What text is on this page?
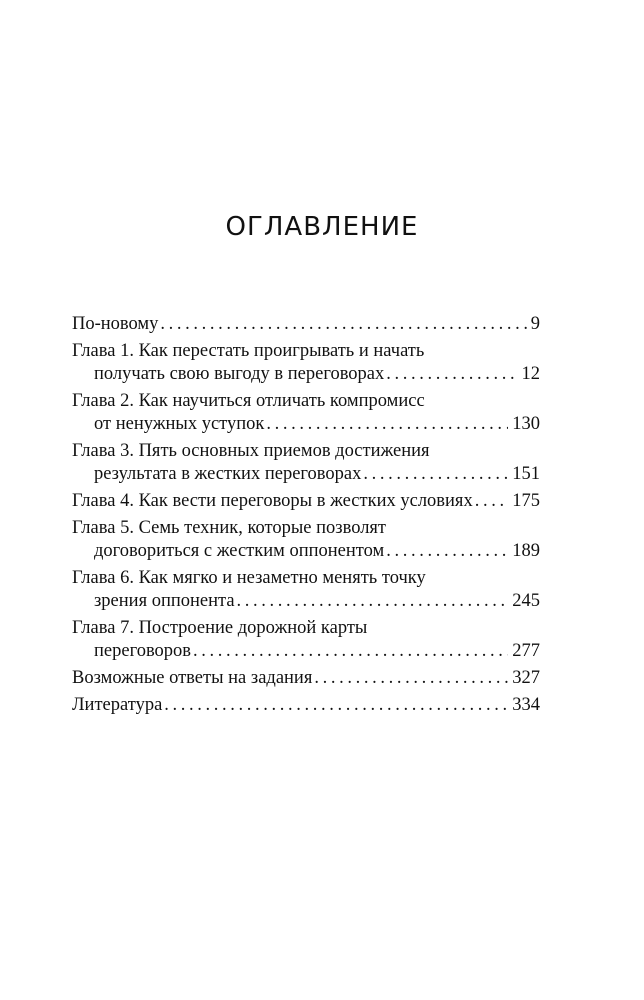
ОГЛАВЛЕНИЕ
По-новому . . .	9
Глава 1. Как перестать проигрывать и начать
получать свою выгоду в переговорах . . .	12
Глава 2. Как научиться отличать компромисс
от ненужных уступок . . .	130
Глава 3. Пять основных приемов достижения
результата в жестких переговорах . . .	151
Глава 4. Как вести переговоры в жестких условиях . . . 175
Глава 5. Семь техник, которые позволят
договориться с жестким оппонентом . . .	189
Глава 6. Как мягко и незаметно менять точку
зрения оппонента . . .	245
Глава 7. Построение дорожной карты
переговоров . . .	277
Возможные ответы на задания . . .	327
Литература . . .	334
